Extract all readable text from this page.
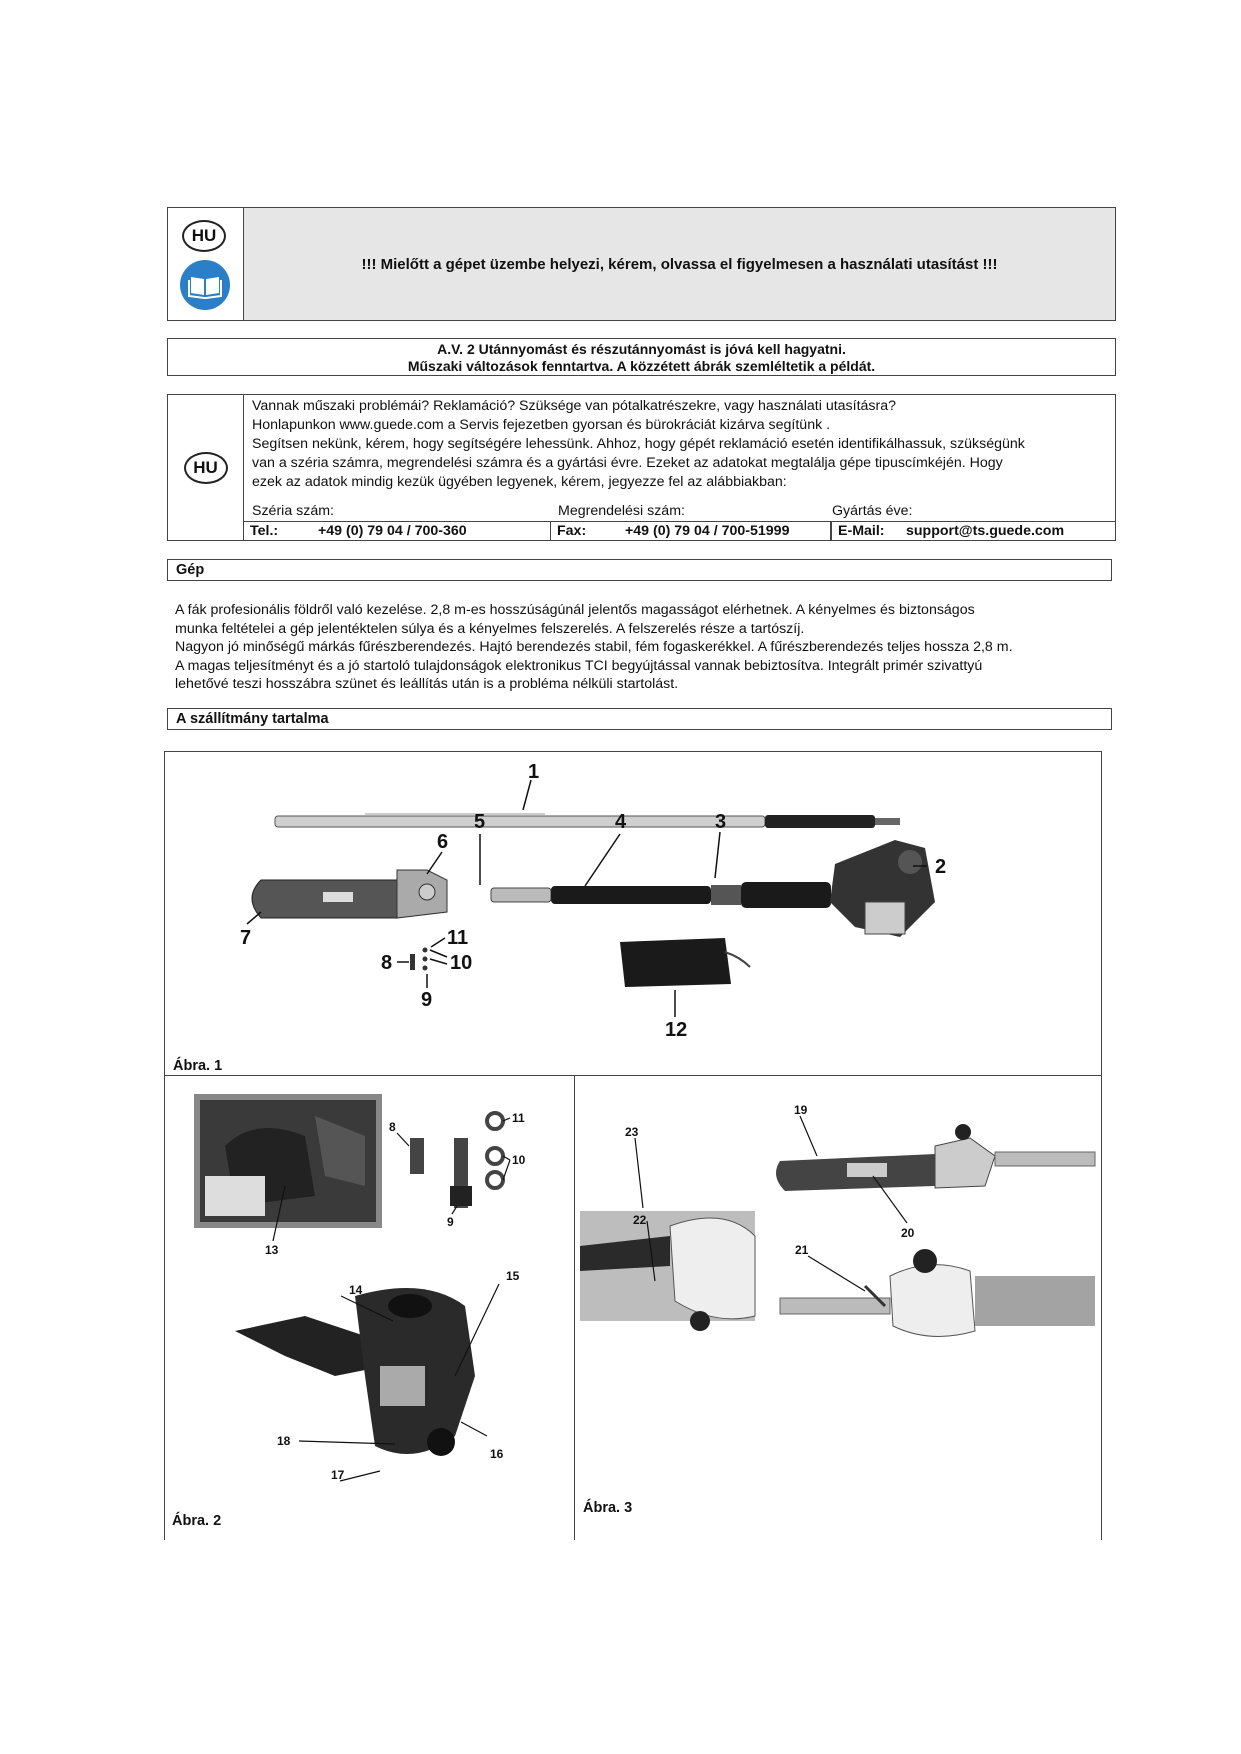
HU
!!! Mielőtt a gépet üzembe helyezi, kérem, olvassa el figyelmesen a használati utasítást !!!
A.V. 2 Utánnyomást és részutánnyomást is jóvá kell hagyatni.
Műszaki változások fenntartva. A közzétett ábrák szemléltetik a példát.
HU
Vannak műszaki problémái? Reklamáció? Szüksége van pótalkatrészekre, vagy használati utasításra?
Honlapunkon www.guede.com a Servis fejezetben gyorsan és bürokráciát kizárva segítünk .
Segítsen nekünk, kérem, hogy segítségére lehessünk. Ahhoz, hogy gépét reklamáció esetén identifikálhassuk, szükségünk
van a széria számra, megrendelési számra és a gyártási évre. Ezeket az adatokat megtalálja gépe tipuscímkéjén. Hogy
ezek az adatok mindig kezük ügyében legyenek, kérem, jegyezze fel az alábbiakban:
Széria szám:	Megrendelési szám:	Gyártás éve:
Tel.:	+49 (0) 79 04 / 700-360	Fax:	+49 (0) 79 04 / 700-51999	E-Mail: support@ts.guede.com
Gép
A fák profesionális földről való kezelése. 2,8 m-es hosszúságúnál jelentős magasságot elérhetnek. A kényelmes és biztonságos
munka feltételei a gép jelentéktelen súlya és a kényelmes felszerelés. A felszerelés része a tartószíj.
Nagyon jó minőségű márkás fűrészberendezés. Hajtó berendezés stabil, fém fogaskerékkel. A fűrészberendezés teljes hossza 2,8 m.
A magas teljesítményt és a jó startoló tulajdonságok elektronikus TCI begyújtással vannak bebiztosítva. Integrált primér szivattyú
lehetővé teszi hosszábra szünet és leállítás után is a probléma nélküli startolást.
A szállítmány tartalma
1
2
3
4
5
6
7
8
9
10
11
12
Ábra. 1
8
9
10
11
13
14
15
16
17
18
Ábra. 2
19
20
21
22
23
Ábra. 3
